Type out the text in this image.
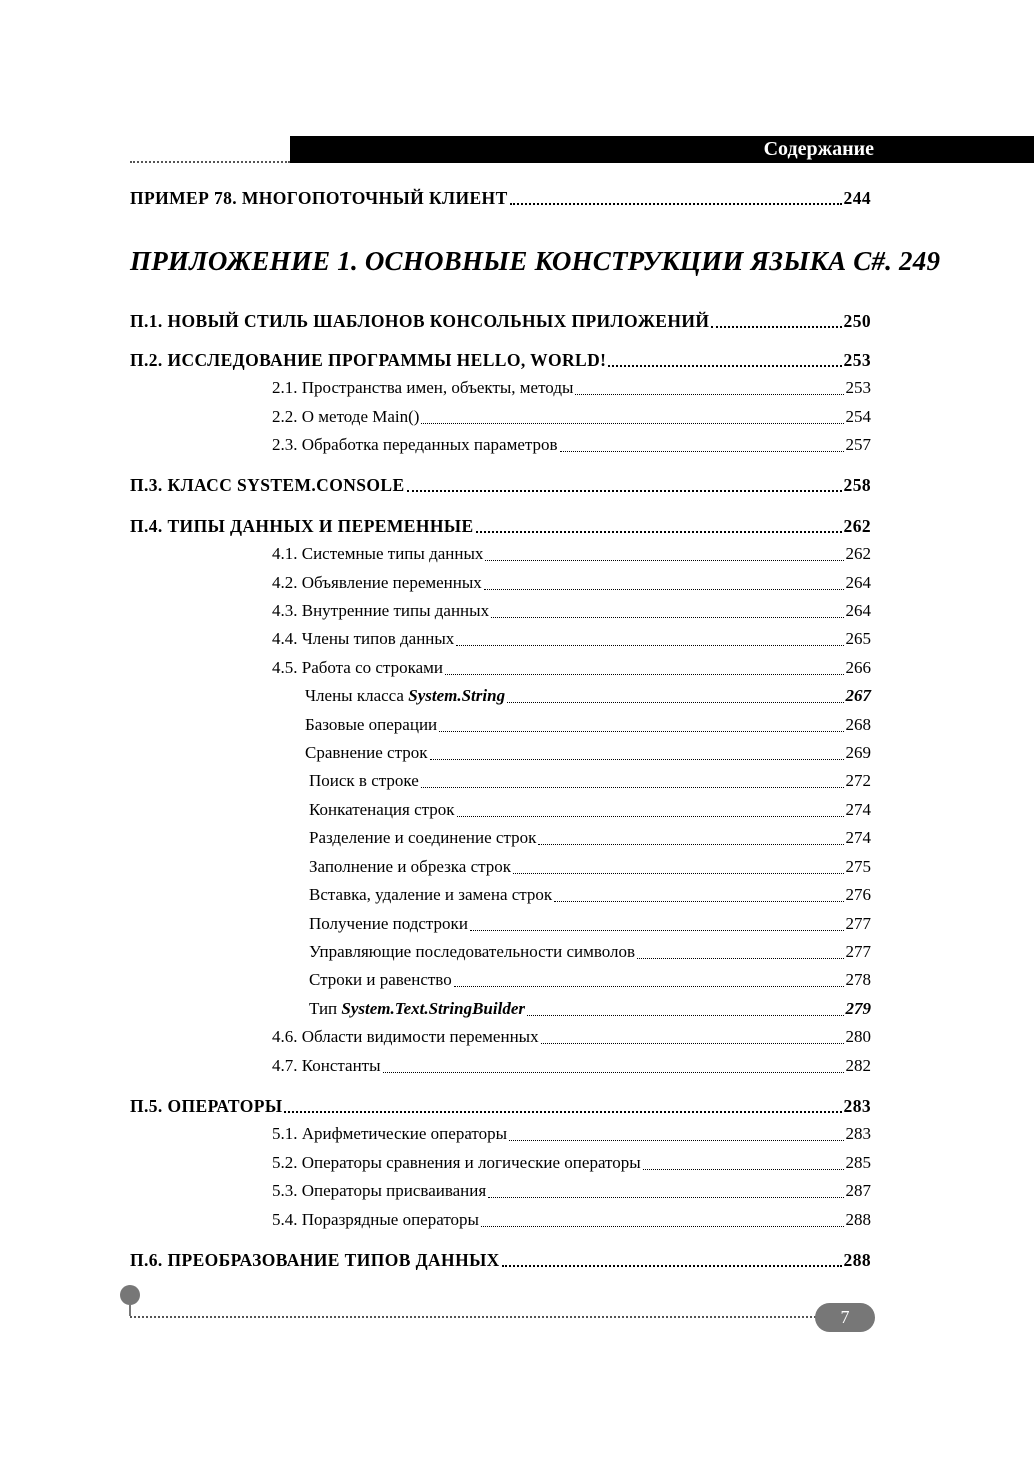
Содержание
ПРИМЕР 78. МНОГОПОТОЧНЫЙ КЛИЕНТ	244
ПРИЛОЖЕНИЕ 1. ОСНОВНЫЕ КОНСТРУКЦИИ ЯЗЫКА C#. 249
П.1. НОВЫЙ СТИЛЬ ШАБЛОНОВ КОНСОЛЬНЫХ ПРИЛОЖЕНИЙ	250
П.2. ИССЛЕДОВАНИЕ ПРОГРАММЫ HELLO, WORLD!	253
2.1. Пространства имен, объекты, методы	253
2.2. О методе Main()	254
2.3. Обработка переданных параметров	257
П.3. КЛАСС SYSTEM.CONSOLE	258
П.4. ТИПЫ ДАННЫХ И ПЕРЕМЕННЫЕ	262
4.1. Системные типы данных	262
4.2. Объявление переменных	264
4.3. Внутренние типы данных	264
4.4. Члены типов данных	265
4.5. Работа со строками	266
Члены класса System.String	267
Базовые операции	268
Сравнение строк	269
Поиск в строке	272
Конкатенация строк	274
Разделение и соединение строк	274
Заполнение и обрезка строк	275
Вставка, удаление и замена строк	276
Получение подстроки	277
Управляющие последовательности символов	277
Строки и равенство	278
Тип System.Text.StringBuilder	279
4.6. Области видимости переменных	280
4.7. Константы	282
П.5. ОПЕРАТОРЫ	283
5.1. Арифметические операторы	283
5.2. Операторы сравнения и логические операторы	285
5.3. Операторы присваивания	287
5.4. Поразрядные операторы	288
П.6. ПРЕОБРАЗОВАНИЕ ТИПОВ ДАННЫХ	288
7
